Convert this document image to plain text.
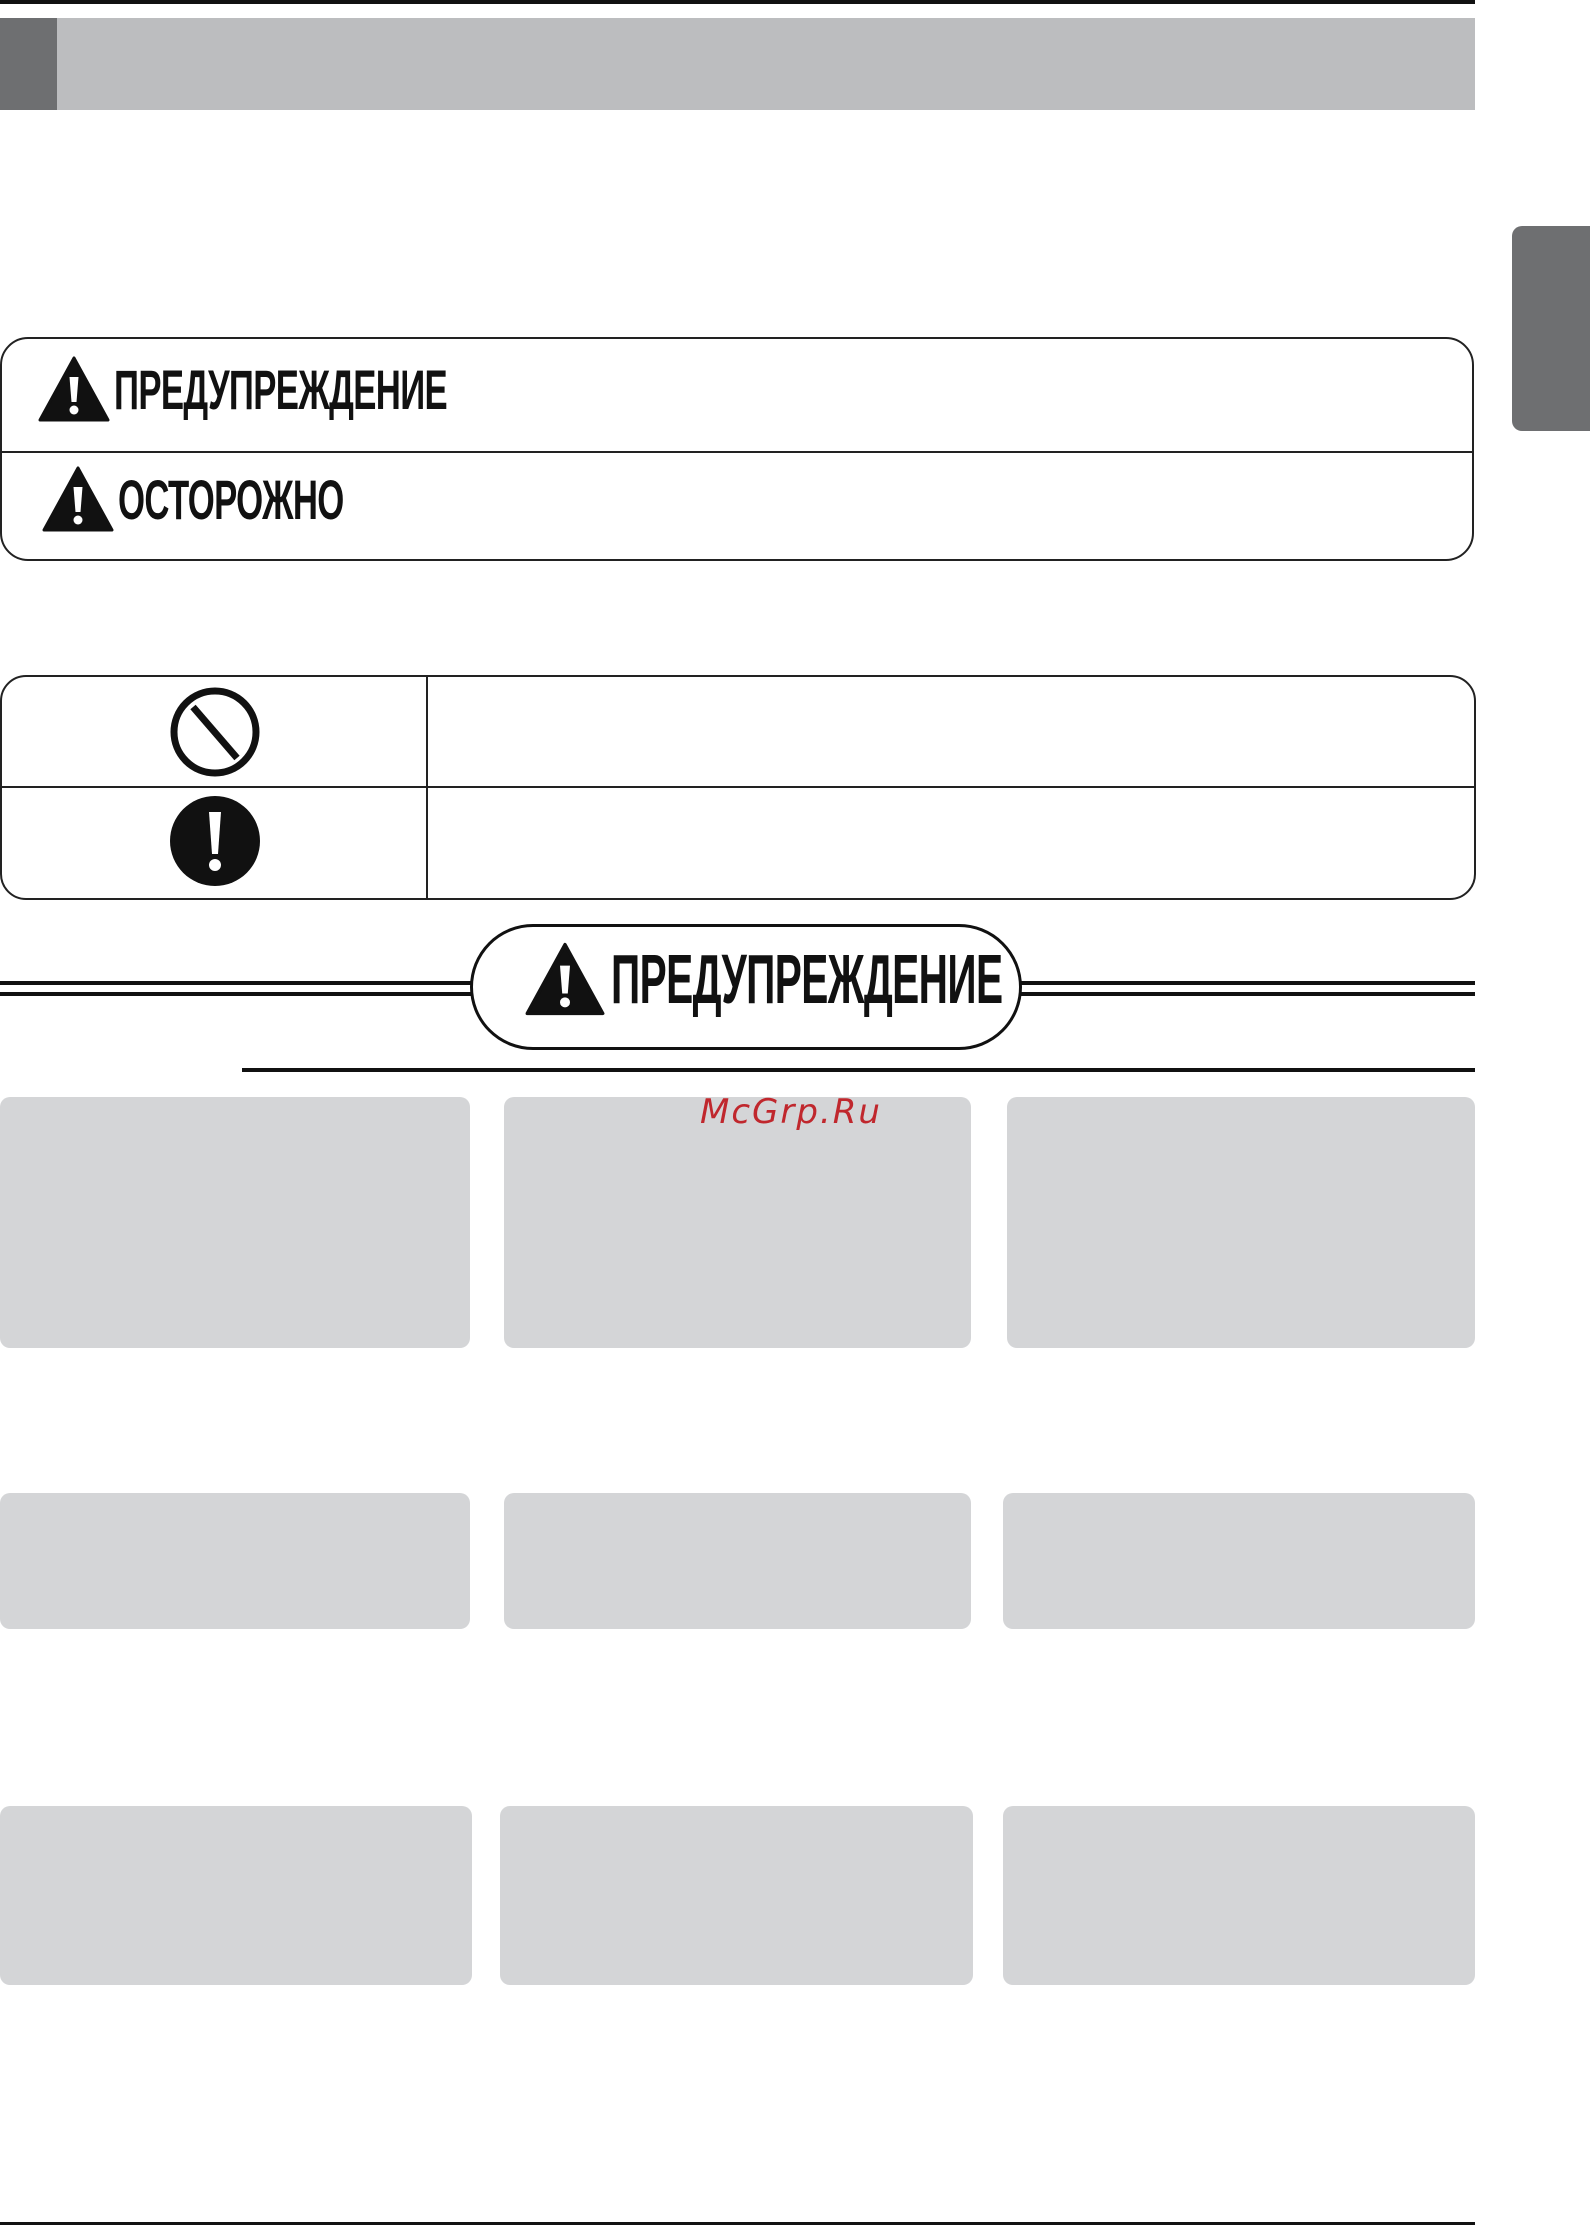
ПРЕДУПРЕЖДЕНИЕ
ОСТОРОЖНО
ПРЕДУПРЕЖДЕНИЕ
McGrp.Ru
